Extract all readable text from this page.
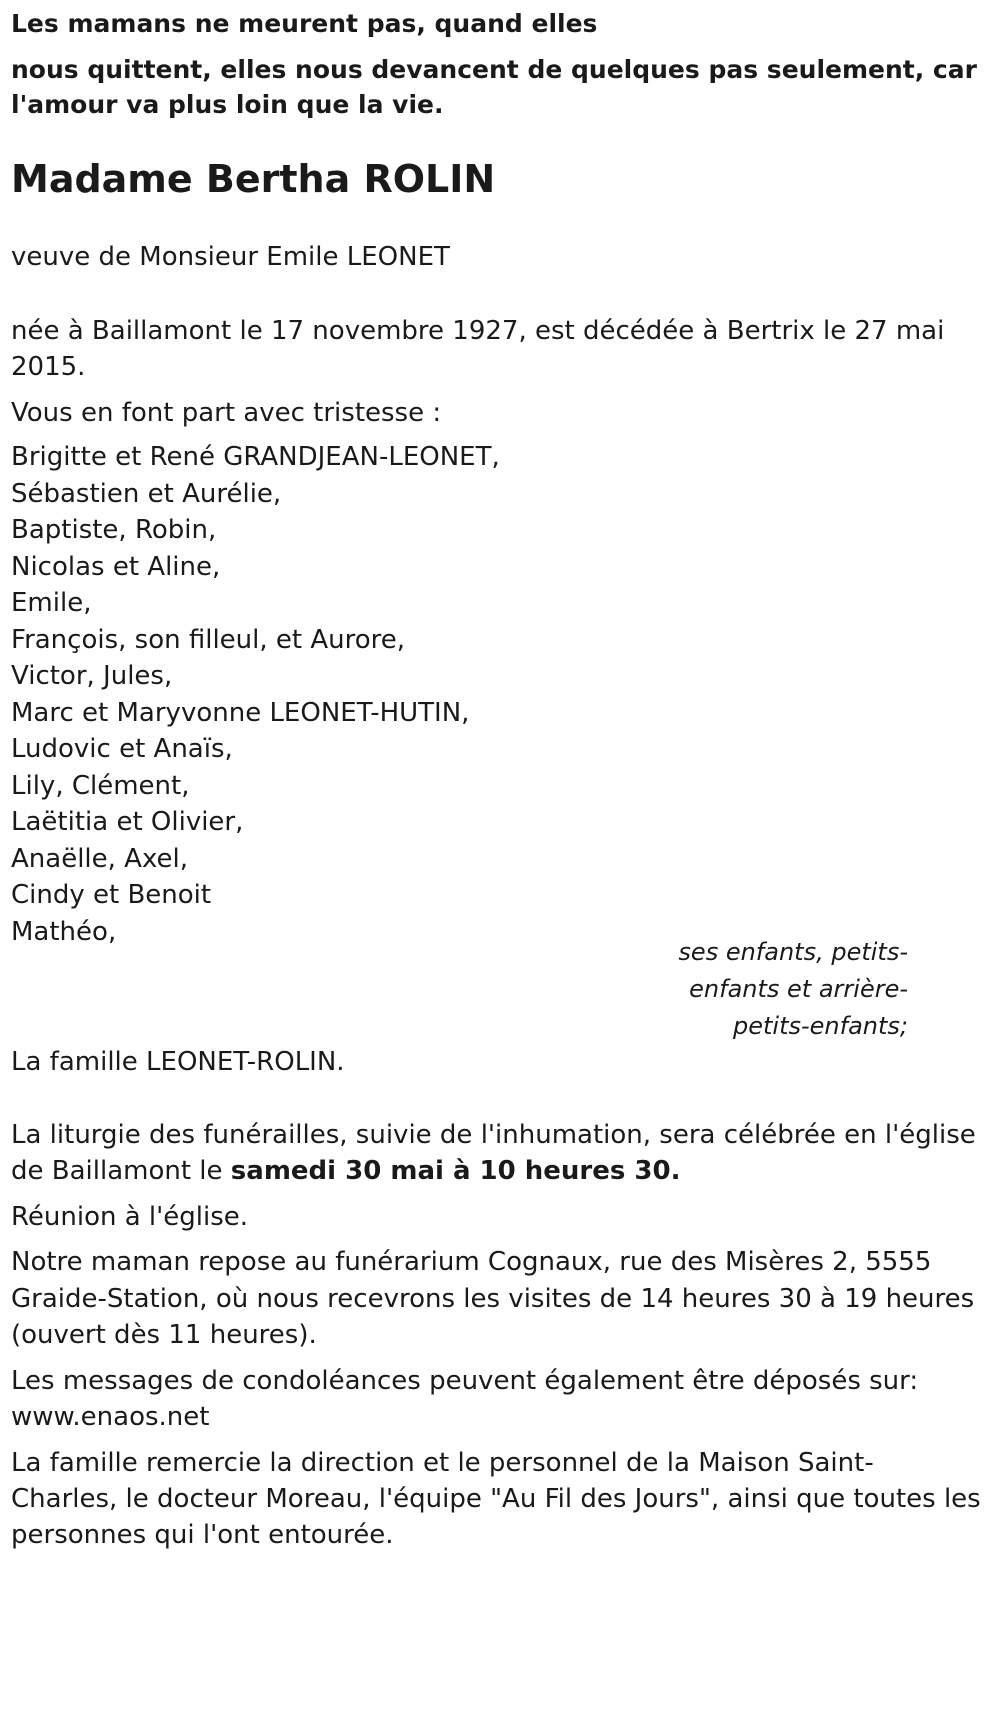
Les mamans ne meurent pas, quand elles
nous quittent, elles nous devancent de quelques pas seulement, car
l'amour va plus loin que la vie.
Madame Bertha ROLIN
veuve de Monsieur Emile LEONET
née à Baillamont le 17 novembre 1927, est décédée à Bertrix le 27 mai
2015.
Vous en font part avec tristesse :
Brigitte et René GRANDJEAN-LEONET,
Sébastien et Aurélie,
Baptiste, Robin,
Nicolas et Aline,
Emile,
François, son filleul, et Aurore,
Victor, Jules,
Marc et Maryvonne LEONET-HUTIN,
Ludovic et Anaïs,
Lily, Clément,
Laëtitia et Olivier,
Anaëlle, Axel,
Cindy et Benoit
Mathéo,
ses enfants, petits-
enfants et arrière-
petits-enfants;
La famille LEONET-ROLIN.
La liturgie des funérailles, suivie de l'inhumation, sera célébrée en l'église
de Baillamont le samedi 30 mai à 10 heures 30.
Réunion à l'église.
Notre maman repose au funérarium Cognaux, rue des Misères 2, 5555
Graide-Station, où nous recevrons les visites de 14 heures 30 à 19 heures
(ouvert dès 11 heures).
Les messages de condoléances peuvent également être déposés sur:
www.enaos.net
La famille remercie la direction et le personnel de la Maison Saint-
Charles, le docteur Moreau, l'équipe "Au Fil des Jours", ainsi que toutes les
personnes qui l'ont entourée.
